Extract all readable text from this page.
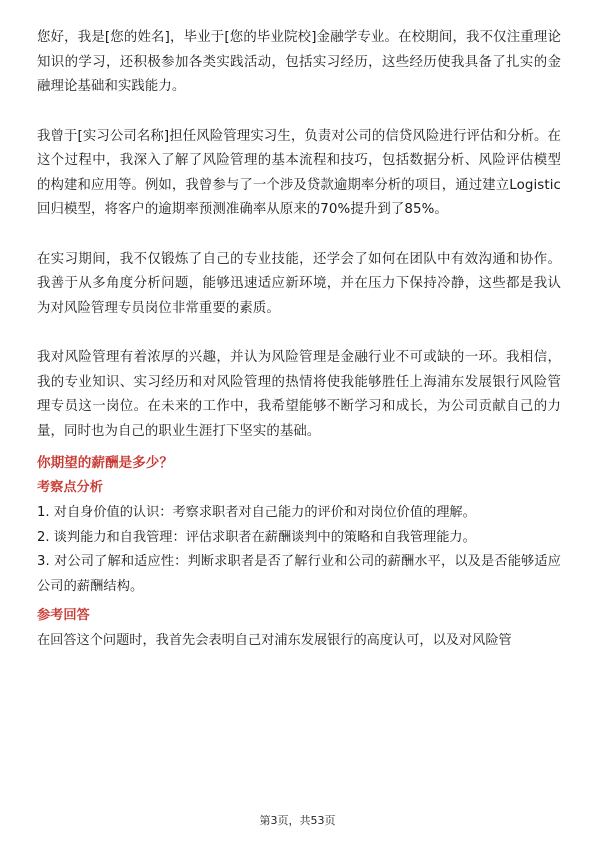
您好，我是[您的姓名]，毕业于[您的毕业院校]金融学专业。在校期间，我不仅注重理论知识的学习，还积极参加各类实践活动，包括实习经历，这些经历使我具备了扎实的金融理论基础和实践能力。

我曾于[实习公司名称]担任风险管理实习生，负责对公司的信贷风险进行评估和分析。在这个过程中，我深入了解了风险管理的基本流程和技巧，包括数据分析、风险评估模型的构建和应用等。例如，我曾参与了一个涉及贷款逾期率分析的项目，通过建立Logistic回归模型，将客户的逾期率预测准确率从原来的70%提升到了85%。

在实习期间，我不仅锻炼了自己的专业技能，还学会了如何在团队中有效沟通和协作。我善于从多角度分析问题，能够迅速适应新环境，并在压力下保持冷静，这些都是我认为对风险管理专员岗位非常重要的素质。

我对风险管理有着浓厚的兴趣，并认为风险管理是金融行业不可或缺的一环。我相信，我的专业知识、实习经历和对风险管理的热情将使我能够胜任上海浦东发展银行风险管理专员这一岗位。在未来的工作中，我希望能够不断学习和成长，为公司贡献自己的力量，同时也为自己的职业生涯打下坚实的基础。

你期望的薪酬是多少？

考察点分析

1. 对自身价值的认识：考察求职者对自己能力的评价和对岗位价值的理解。

2. 谈判能力和自我管理：评估求职者在薪酬谈判中的策略和自我管理能力。

3. 对公司了解和适应性：判断求职者是否了解行业和公司的薪酬水平，以及是否能够适应公司的薪酬结构。

参考回答

在回答这个问题时，我首先会表明自己对浦东发展银行的高度认可，以及对风险管

第3页，共53页
